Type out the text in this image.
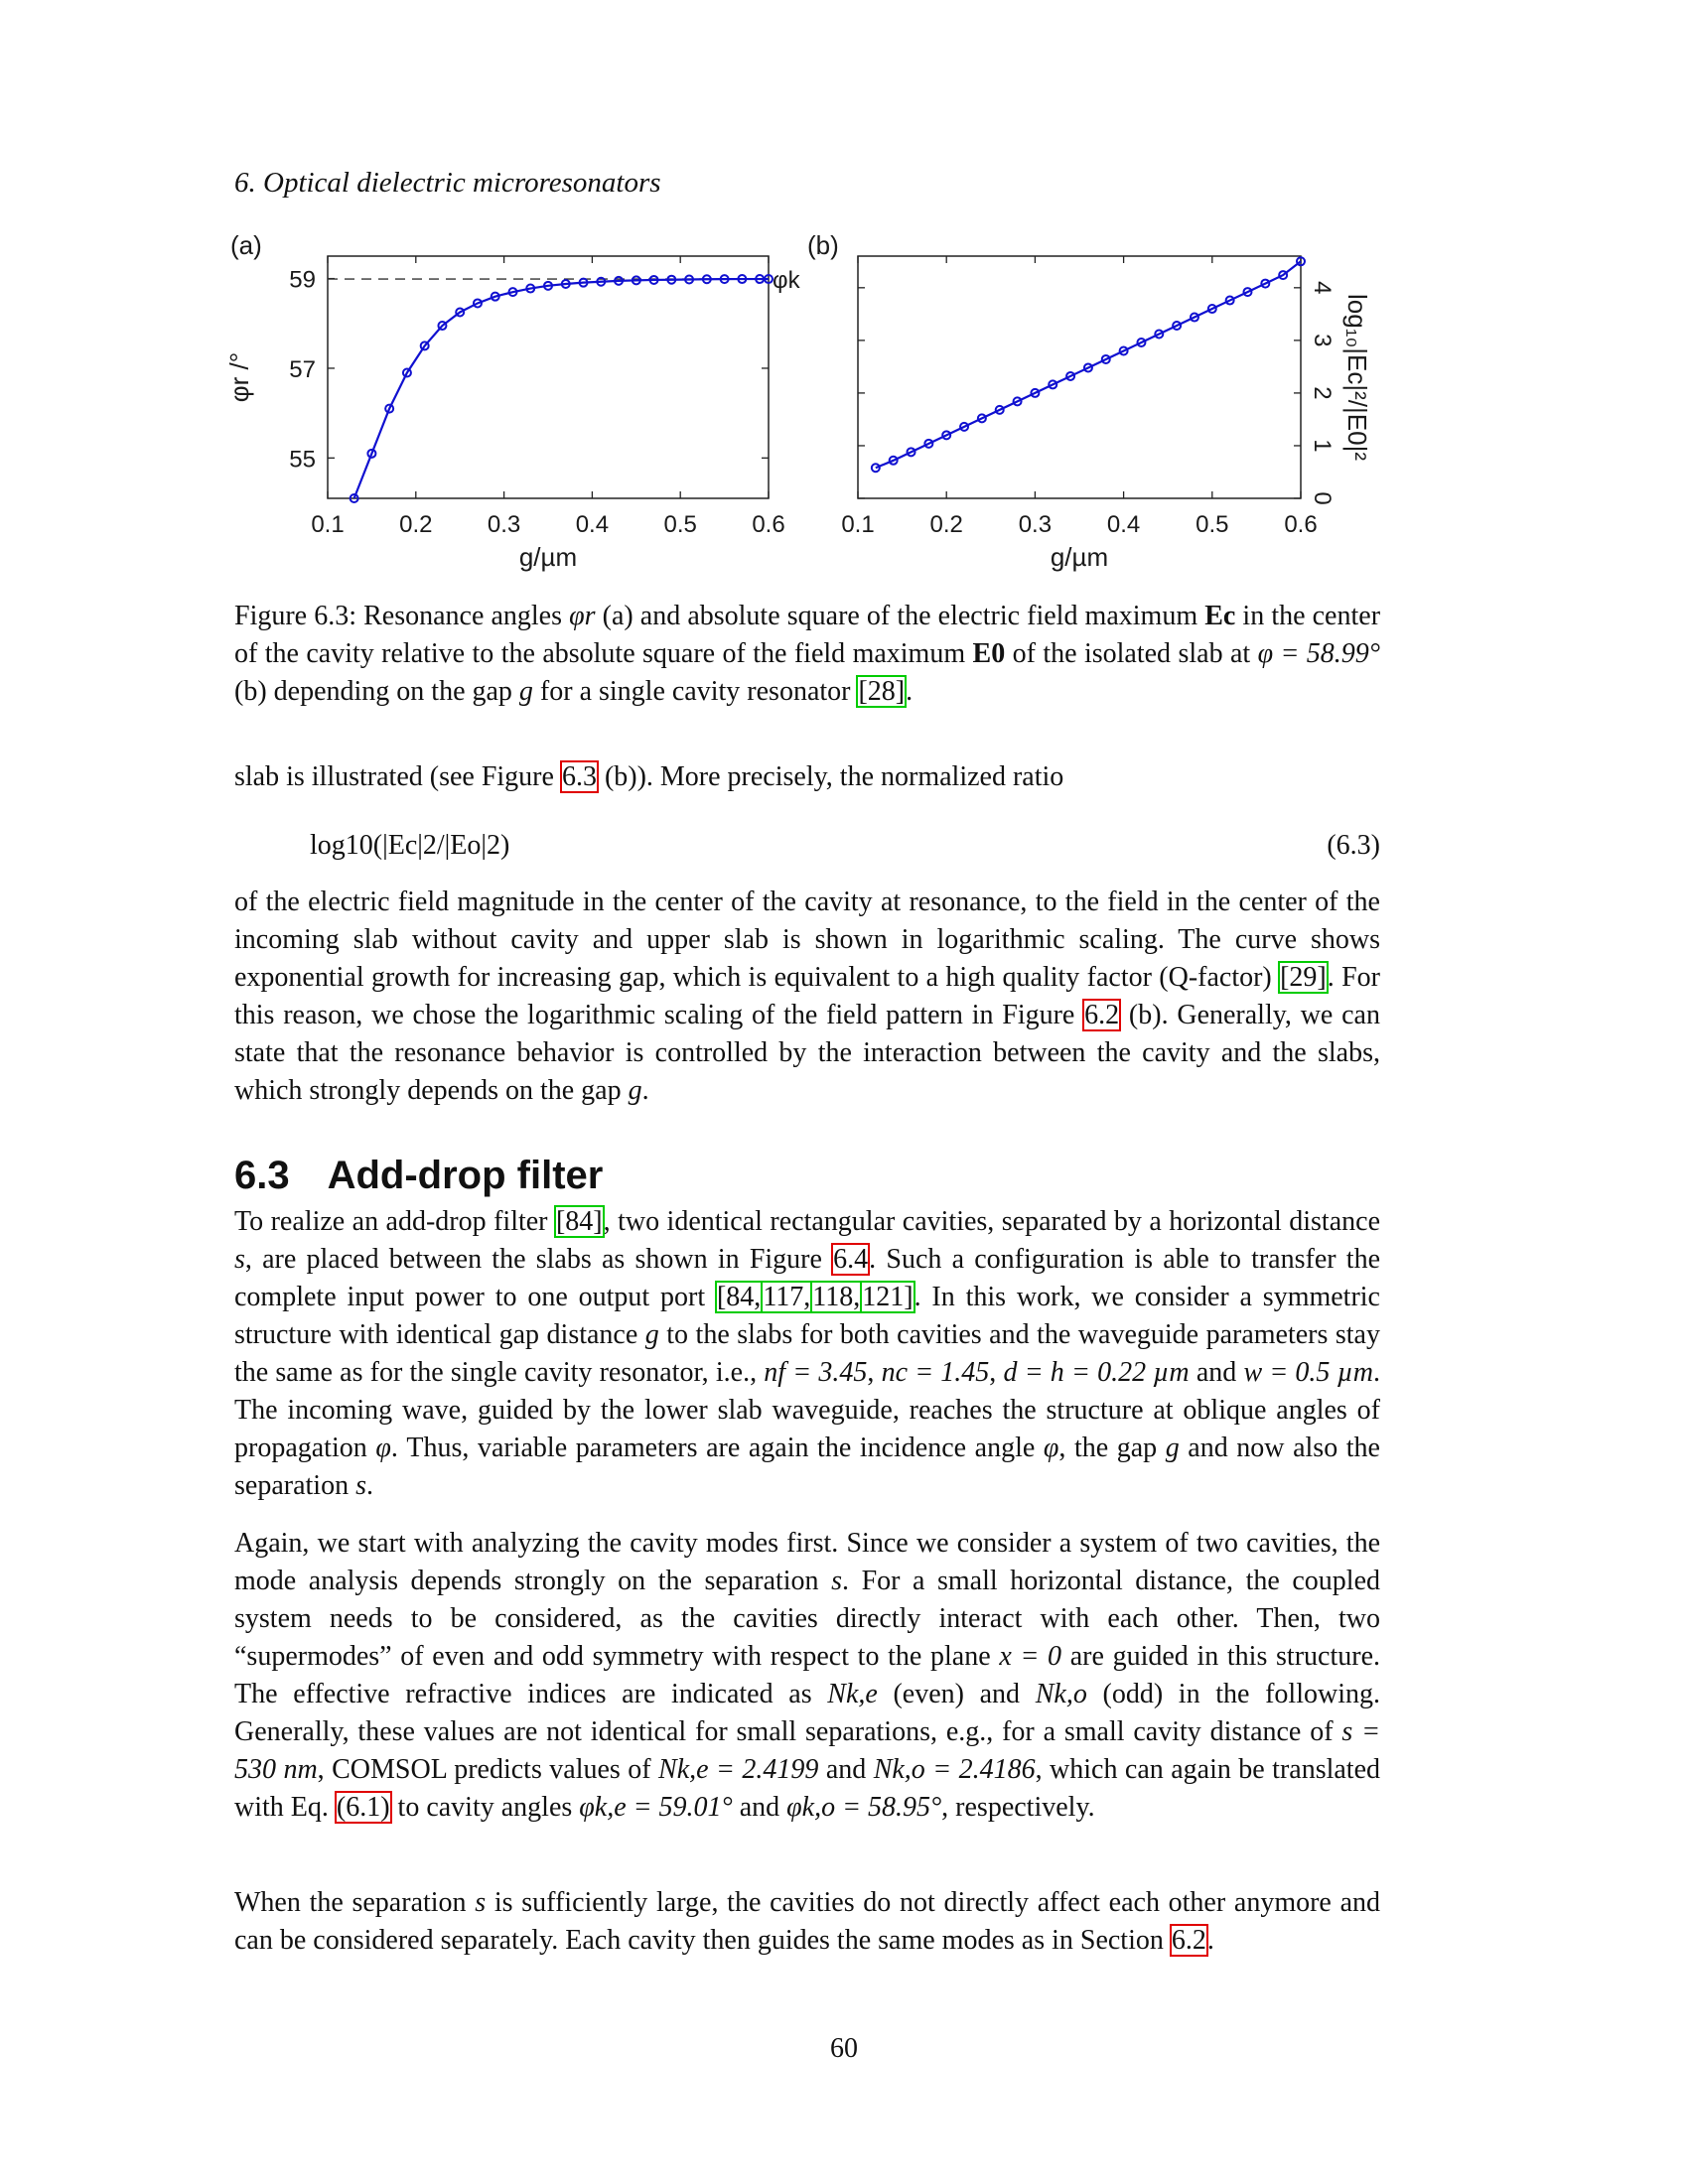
6. Optical dielectric microresonators
(a)	(b)
0.1 0.2 0.3 0.4 0.5 0.6
55
57
59
g/µm
φr /°
φk
0.1 0.2 0.3 0.4 0.5 0.6
0
1
2
3
4
g/µm
log₁₀|Ec|²/|E0|²
Figure 6.3: Resonance angles φr (a) and absolute square of the electric field maximum Ec in the center of the cavity relative to the absolute square of the field maximum E0 of the isolated slab at φ = 58.99° (b) depending on the gap g for a single cavity resonator [28].

slab is illustrated (see Figure 6.3 (b)). More precisely, the normalized ratio

log10(|Ec|2/|Eo|2)	(6.3)

of the electric field magnitude in the center of the cavity at resonance, to the field in the center of the incoming slab without cavity and upper slab is shown in logarithmic scaling. The curve shows exponential growth for increasing gap, which is equivalent to a high quality factor (Q-factor) [29]. For this reason, we chose the logarithmic scaling of the field pattern in Figure 6.2 (b). Generally, we can state that the resonance behavior is controlled by the interaction between the cavity and the slabs, which strongly depends on the gap g.

6.3 Add-drop filter

To realize an add-drop filter [84], two identical rectangular cavities, separated by a horizontal distance s, are placed between the slabs as shown in Figure 6.4. Such a configuration is able to transfer the complete input power to one output port [84,117,118,121]. In this work, we consider a symmetric structure with identical gap distance g to the slabs for both cavities and the waveguide parameters stay the same as for the single cavity resonator, i.e., nf = 3.45, nc = 1.45, d = h = 0.22 µm and w = 0.5 µm. The incoming wave, guided by the lower slab waveguide, reaches the structure at oblique angles of propagation φ. Thus, variable parameters are again the incidence angle φ, the gap g and now also the separation s.

Again, we start with analyzing the cavity modes first. Since we consider a system of two cavities, the mode analysis depends strongly on the separation s. For a small horizontal distance, the coupled system needs to be considered, as the cavities directly interact with each other. Then, two “supermodes” of even and odd symmetry with respect to the plane x = 0 are guided in this structure. The effective refractive indices are indicated as Nk,e (even) and Nk,o (odd) in the following. Generally, these values are not identical for small separations, e.g., for a small cavity distance of s = 530 nm, COMSOL predicts values of Nk,e = 2.4199 and Nk,o = 2.4186, which can again be translated with Eq. (6.1) to cavity angles φk,e = 59.01° and φk,o = 58.95°, respectively.

When the separation s is sufficiently large, the cavities do not directly affect each other anymore and can be considered separately. Each cavity then guides the same modes as in Section 6.2.

60
